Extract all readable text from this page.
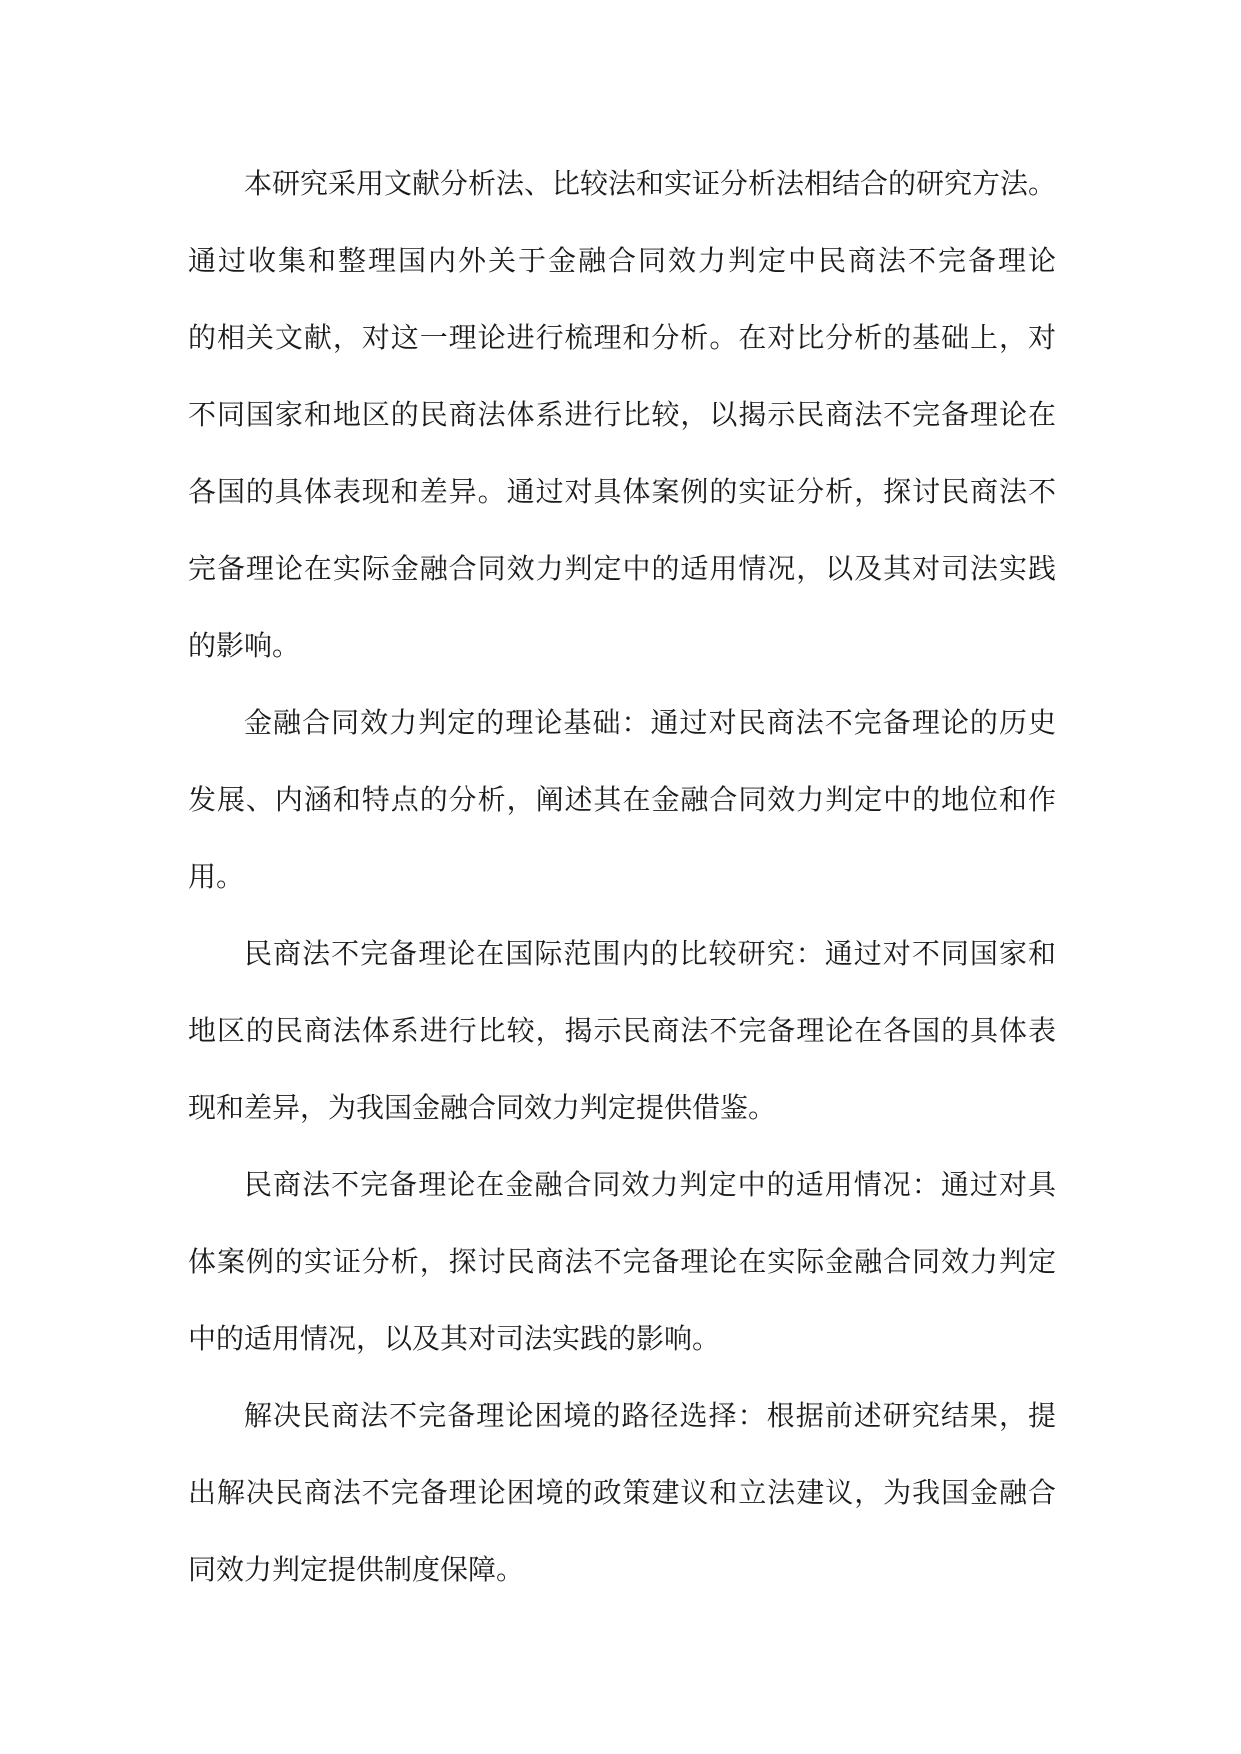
本研究采用文献分析法、比较法和实证分析法相结合的研究方法。
通过收集和整理国内外关于金融合同效力判定中民商法不完备理论
的相关文献，对这一理论进行梳理和分析。在对比分析的基础上，对
不同国家和地区的民商法体系进行比较，以揭示民商法不完备理论在
各国的具体表现和差异。通过对具体案例的实证分析，探讨民商法不
完备理论在实际金融合同效力判定中的适用情况，以及其对司法实践
的影响。
金融合同效力判定的理论基础：通过对民商法不完备理论的历史
发展、内涵和特点的分析，阐述其在金融合同效力判定中的地位和作
用。
民商法不完备理论在国际范围内的比较研究：通过对不同国家和
地区的民商法体系进行比较，揭示民商法不完备理论在各国的具体表
现和差异，为我国金融合同效力判定提供借鉴。
民商法不完备理论在金融合同效力判定中的适用情况：通过对具
体案例的实证分析，探讨民商法不完备理论在实际金融合同效力判定
中的适用情况，以及其对司法实践的影响。
解决民商法不完备理论困境的路径选择：根据前述研究结果，提
出解决民商法不完备理论困境的政策建议和立法建议，为我国金融合
同效力判定提供制度保障。
